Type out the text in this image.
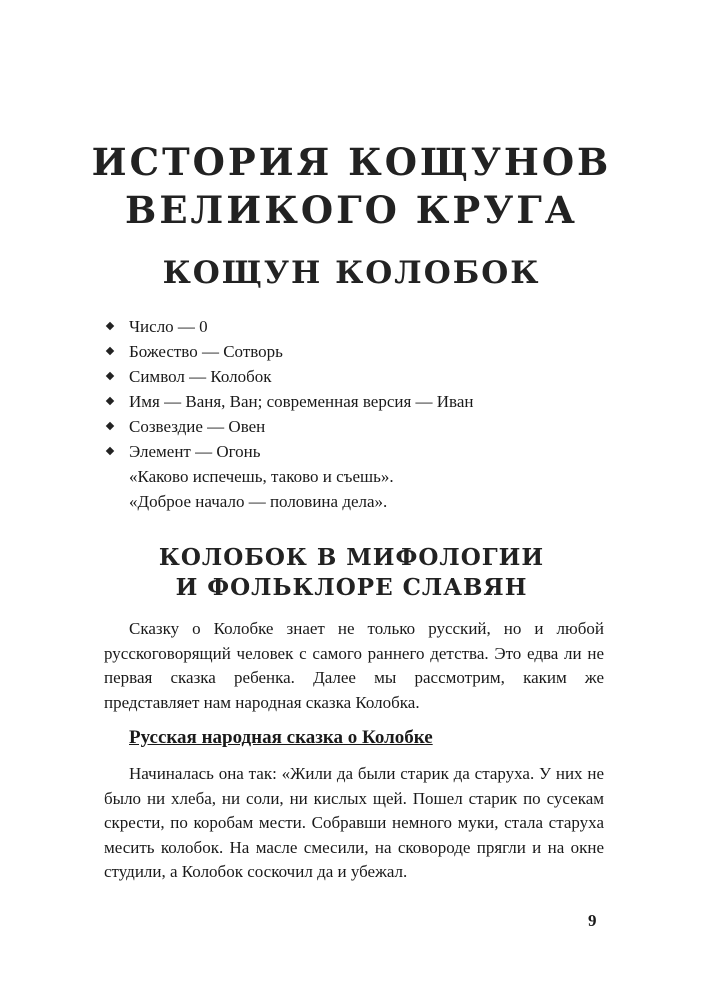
ИСТОРИЯ КОЩУНОВ
ВЕЛИКОГО КРУГА
КОЩУН КОЛОБОК
Число — 0
Божество — Сотворь
Символ — Колобок
Имя — Ваня, Ван; современная версия — Иван
Созвездие — Овен
Элемент — Огонь
«Каково испечешь, таково и съешь».
«Доброе начало — половина дела».
КОЛОБОК В МИФОЛОГИИ
И ФОЛЬКЛОРЕ СЛАВЯН

Сказку о Колобке знает не только русский, но и любой русскоговорящий человек с самого раннего детства. Это едва ли не первая сказка ребенка. Далее мы рассмотрим, каким же представляет нам народная сказка Колобка.

Русская народная сказка о Колобке

Начиналась она так: «Жили да были старик да старуха. У них не было ни хлеба, ни соли, ни кислых щей. Пошел старик по сусекам скрести, по коробам мести. Собравши немного муки, стала старуха месить колобок. На масле смесили, на сковороде прягли и на окне студили, а Колобок соскочил да и убежал.

9
